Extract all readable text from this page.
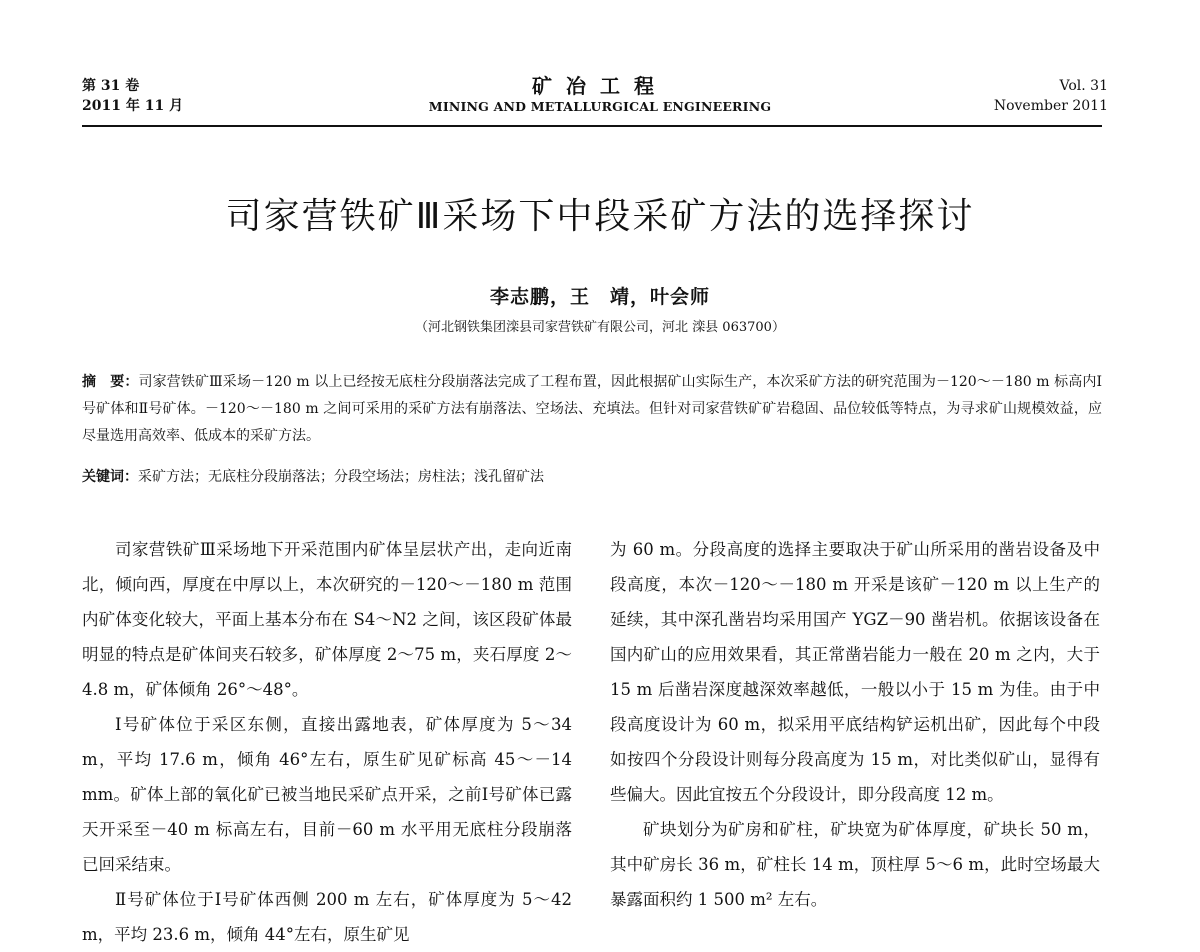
第 31 卷
2011 年 11 月
矿冶工程
MINING AND METALLURGICAL ENGINEERING
Vol. 31
November 2011
司家营铁矿Ⅲ采场下中段采矿方法的选择探讨
李志鹏，王　靖，叶会师
（河北钢铁集团滦县司家营铁矿有限公司，河北 滦县 063700）
摘　要：司家营铁矿Ⅲ采场－120 m 以上已经按无底柱分段崩落法完成了工程布置，因此根据矿山实际生产，本次采矿方法的研究范围为－120～－180 m 标高内Ⅰ号矿体和Ⅱ号矿体。－120～－180 m 之间可采用的采矿方法有崩落法、空场法、充填法。但针对司家营铁矿矿岩稳固、品位较低等特点，为寻求矿山规模效益，应尽量选用高效率、低成本的采矿方法。
关键词：采矿方法；无底柱分段崩落法；分段空场法；房柱法；浅孔留矿法

司家营铁矿Ⅲ采场地下开采范围内矿体呈层状产出，走向近南北，倾向西，厚度在中厚以上，本次研究的－120～－180 m 范围内矿体变化较大，平面上基本分布在 S4～N2 之间，该区段矿体最明显的特点是矿体间夹石较多，矿体厚度 2～75 m，夹石厚度 2～4.8 m，矿体倾角 26°～48°。

Ⅰ号矿体位于采区东侧，直接出露地表，矿体厚度为 5～34 m，平均 17.6 m，倾角 46°左右，原生矿见矿标高 45～－14 mm。矿体上部的氧化矿已被当地民采矿点开采，之前Ⅰ号矿体已露天开采至－40 m 标高左右，目前－60 m 水平用无底柱分段崩落已回采结束。

Ⅱ号矿体位于Ⅰ号矿体西侧 200 m 左右，矿体厚度为 5～42 m，平均 23.6 m，倾角 44°左右，原生矿见

为 60 m。分段高度的选择主要取决于矿山所采用的凿岩设备及中段高度，本次－120～－180 m 开采是该矿－120 m 以上生产的延续，其中深孔凿岩均采用国产 YGZ－90 凿岩机。依据该设备在国内矿山的应用效果看，其正常凿岩能力一般在 20 m 之内，大于 15 m 后凿岩深度越深效率越低，一般以小于 15 m 为佳。由于中段高度设计为 60 m，拟采用平底结构铲运机出矿，因此每个中段如按四个分段设计则每分段高度为 15 m，对比类似矿山，显得有些偏大。因此宜按五个分段设计，即分段高度 12 m。

矿块划分为矿房和矿柱，矿块宽为矿体厚度，矿块长 50 m，其中矿房长 36 m，矿柱长 14 m，顶柱厚 5～6 m，此时空场最大暴露面积约 1 500 m² 左右。
